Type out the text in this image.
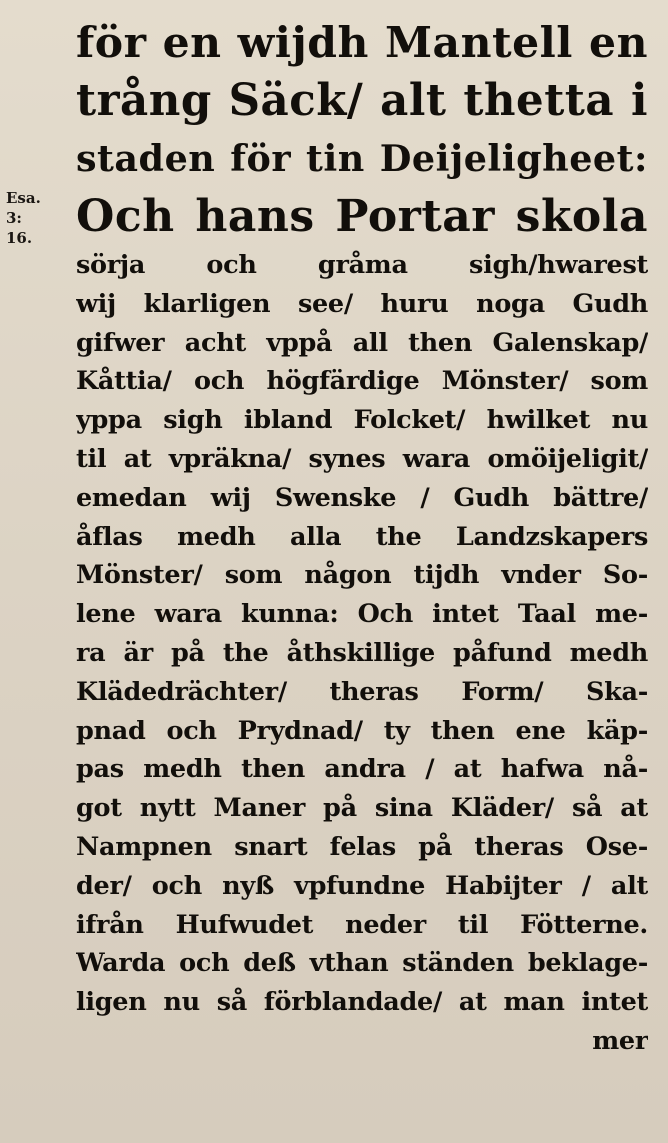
Esa. 3:
16.
för en wijdh Mantell en
trång Säck/ alt thetta i
staden för tin Deijeligheet:
Och hans Portar skola
sörja och gråma sigh/hwarest
wij klarligen see/ huru noga Gudh
gifwer acht vppå all then Galenskap/
Kåttia/ och högfärdige Mönster/ som
yppa sigh ibland Folcket/ hwilket nu
til at vpräkna/ synes wara omöijeligit/
emedan wij Swenske / Gudh bättre/
åflas medh alla the Landzskapers
Mönster/ som någon tijdh vnder So-
lene wara kunna: Och intet Taal me-
ra är på the åthskillige påfund medh
Klädedrächter/ theras Form/ Ska-
pnad och Prydnad/ ty then ene käp-
pas medh then andra / at hafwa nå-
got nytt Maner på sina Kläder/ så at
Nampnen snart felas på theras Ose-
der/ och nyß vpfundne Habijter / alt
ifrån Hufwudet neder til Fötterne.
Warda och deß vthan ständen beklage-
ligen nu så förblandade/ at man intet
mer
